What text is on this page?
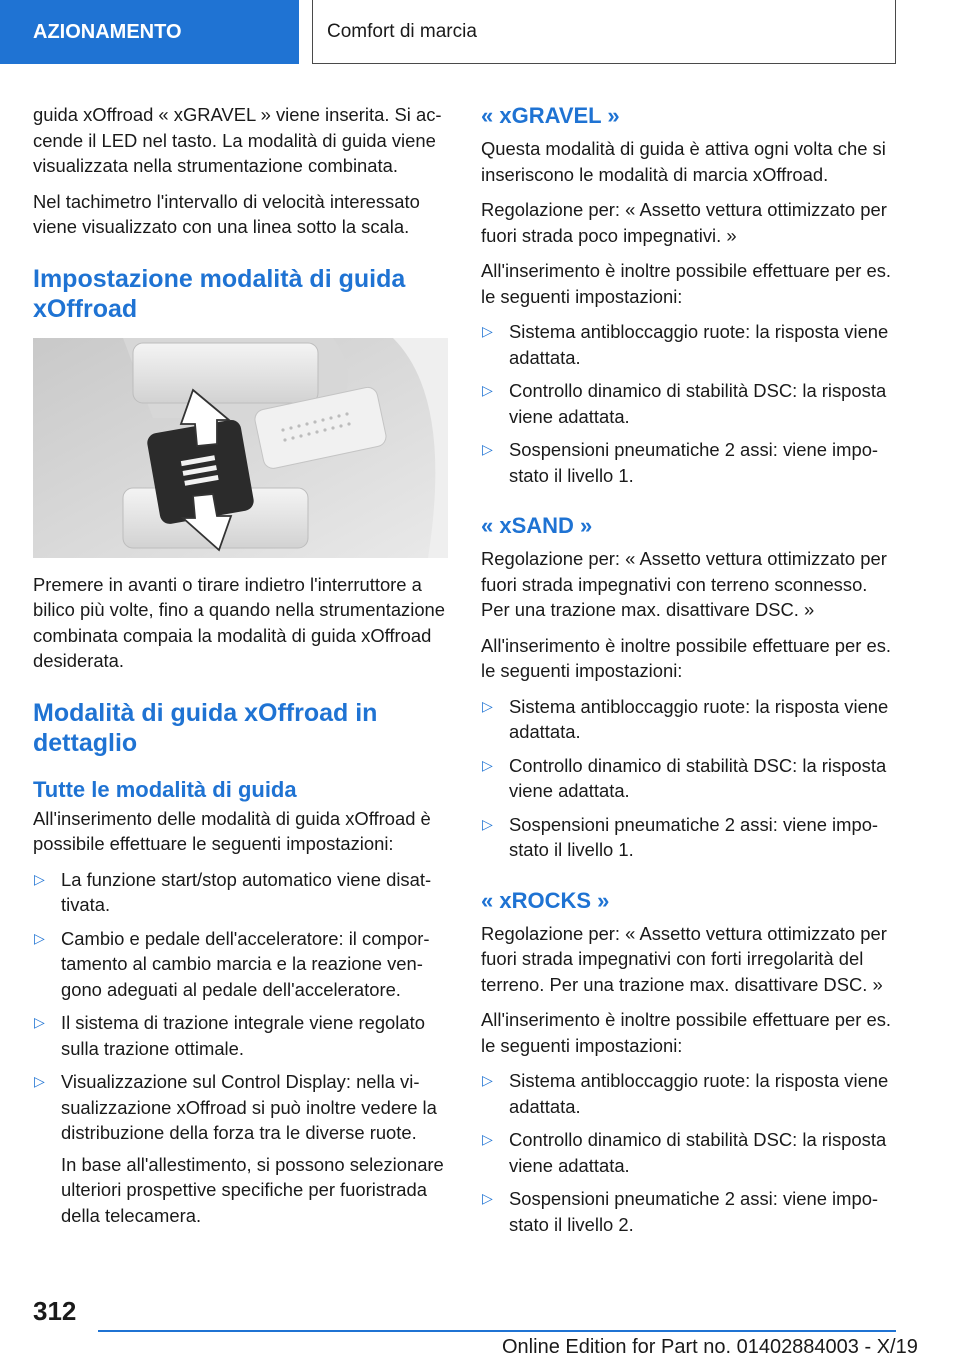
AZIONAMENTO	Comfort di marcia

guida xOffroad « xGRAVEL » viene inserita. Si accende il LED nel tasto. La modalità di guida viene visualizzata nella strumentazione combinata.

Nel tachimetro l'intervallo di velocità interessato viene visualizzato con una linea sotto la scala.

Impostazione modalità di guida xOffroad

Premere in avanti o tirare indietro l'interruttore a bilico più volte, fino a quando nella strumentazione combinata compaia la modalità di guida xOffroad desiderata.

Modalità di guida xOffroad in dettaglio
Tutte le modalità di guida

All'inserimento delle modalità di guida xOffroad è possibile effettuare le seguenti impostazioni:

▷ La funzione start/stop automatico viene disattivata.
▷ Cambio e pedale dell'acceleratore: il comportamento al cambio marcia e la reazione vengono adeguati al pedale dell'acceleratore.
▷ Il sistema di trazione integrale viene regolato sulla trazione ottimale.
▷ Visualizzazione sul Control Display: nella visualizzazione xOffroad si può inoltre vedere la distribuzione della forza tra le diverse ruote.
In base all'allestimento, si possono selezionare ulteriori prospettive specifiche per fuoristrada della telecamera.
« xGRAVEL »

Questa modalità di guida è attiva ogni volta che si inseriscono le modalità di marcia xOffroad.

Regolazione per: « Assetto vettura ottimizzato per fuori strada poco impegnativi. »

All'inserimento è inoltre possibile effettuare per es. le seguenti impostazioni:

▷ Sistema antibloccaggio ruote: la risposta viene adattata.
▷ Controllo dinamico di stabilità DSC: la risposta viene adattata.
▷ Sospensioni pneumatiche 2 assi: viene impostato il livello 1.
« xSAND »

Regolazione per: « Assetto vettura ottimizzato per fuori strada impegnativi con terreno sconnesso. Per una trazione max. disattivare DSC. »

All'inserimento è inoltre possibile effettuare per es. le seguenti impostazioni:

▷ Sistema antibloccaggio ruote: la risposta viene adattata.
▷ Controllo dinamico di stabilità DSC: la risposta viene adattata.
▷ Sospensioni pneumatiche 2 assi: viene impostato il livello 1.
« xROCKS »

Regolazione per: « Assetto vettura ottimizzato per fuori strada impegnativi con forti irregolarità del terreno. Per una trazione max. disattivare DSC. »

All'inserimento è inoltre possibile effettuare per es. le seguenti impostazioni:

▷ Sistema antibloccaggio ruote: la risposta viene adattata.
▷ Controllo dinamico di stabilità DSC: la risposta viene adattata.
▷ Sospensioni pneumatiche 2 assi: viene impostato il livello 2.
312
Online Edition for Part no. 01402884003 - X/19
